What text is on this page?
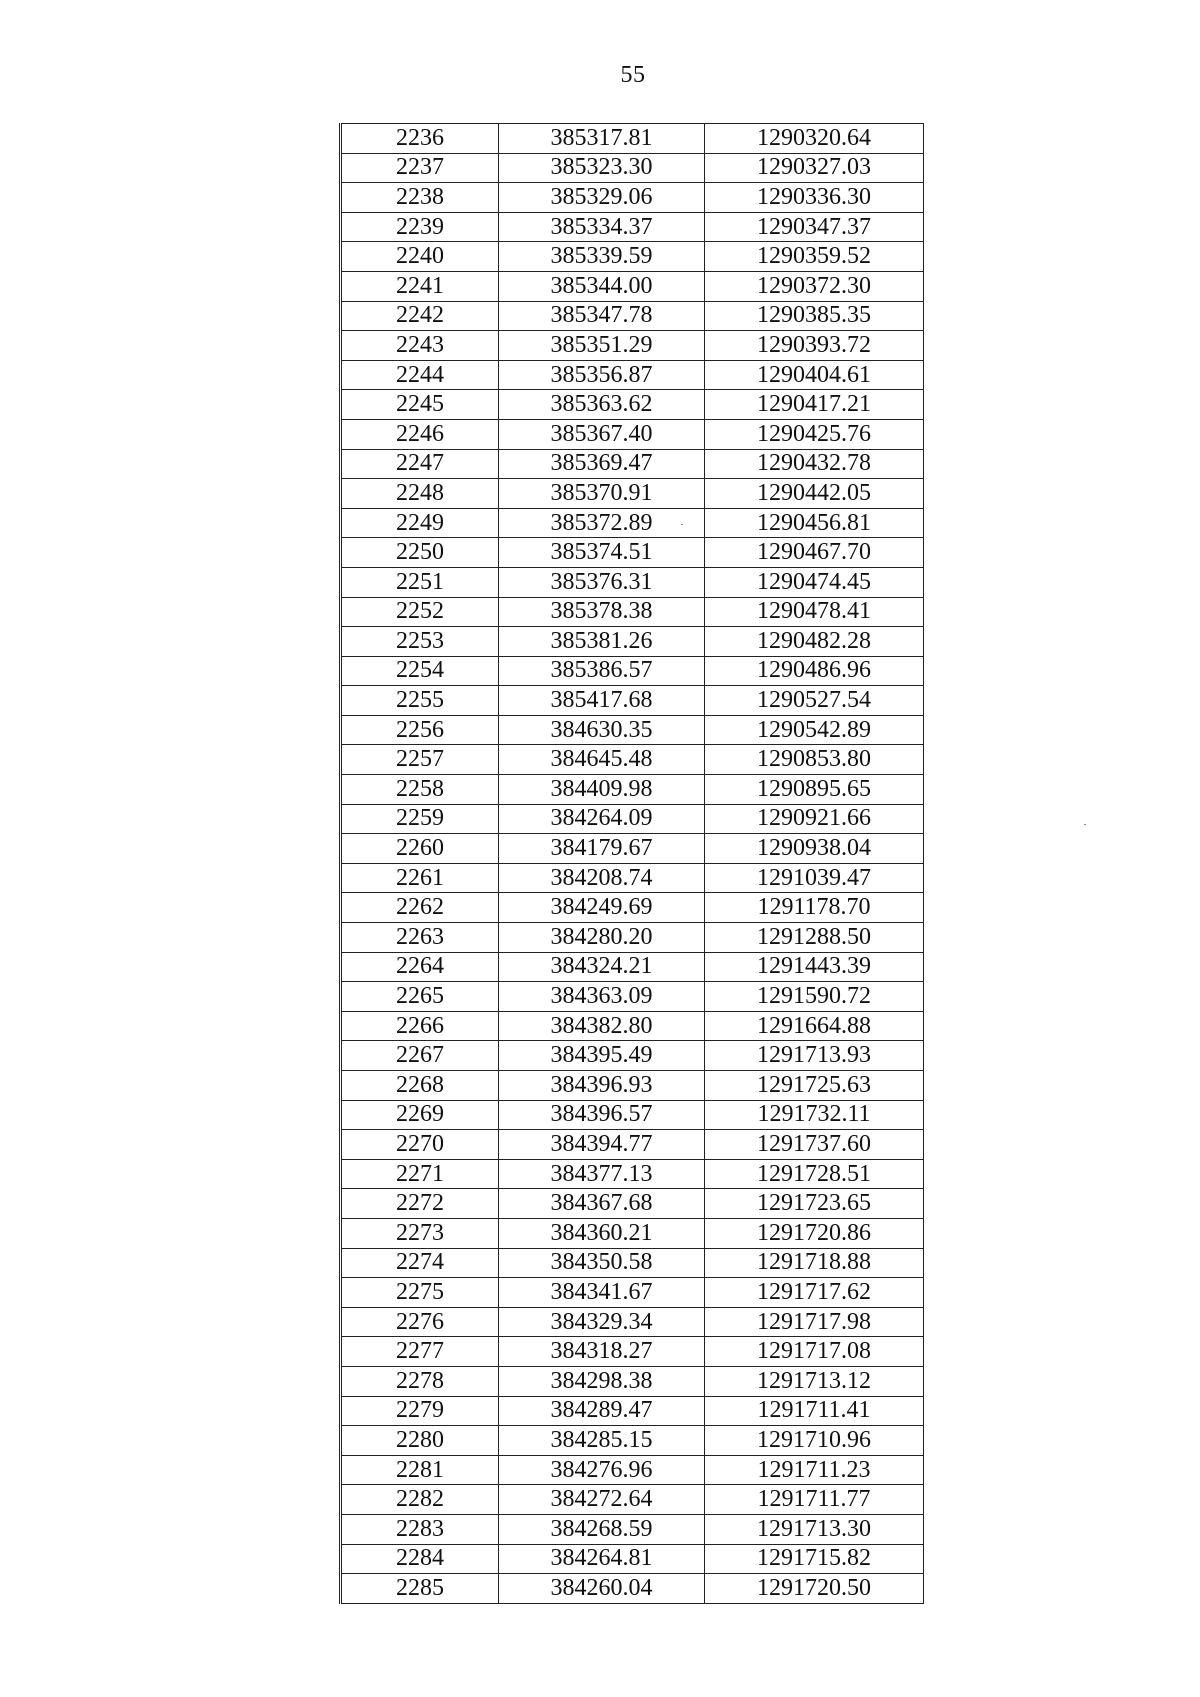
55
2236	385317.81	1290320.64
2237	385323.30	1290327.03
2238	385329.06	1290336.30
2239	385334.37	1290347.37
2240	385339.59	1290359.52
2241	385344.00	1290372.30
2242	385347.78	1290385.35
2243	385351.29	1290393.72
2244	385356.87	1290404.61
2245	385363.62	1290417.21
2246	385367.40	1290425.76
2247	385369.47	1290432.78
2248	385370.91	1290442.05
2249	385372.89	1290456.81
2250	385374.51	1290467.70
2251	385376.31	1290474.45
2252	385378.38	1290478.41
2253	385381.26	1290482.28
2254	385386.57	1290486.96
2255	385417.68	1290527.54
2256	384630.35	1290542.89
2257	384645.48	1290853.80
2258	384409.98	1290895.65
2259	384264.09	1290921.66
2260	384179.67	1290938.04
2261	384208.74	1291039.47
2262	384249.69	1291178.70
2263	384280.20	1291288.50
2264	384324.21	1291443.39
2265	384363.09	1291590.72
2266	384382.80	1291664.88
2267	384395.49	1291713.93
2268	384396.93	1291725.63
2269	384396.57	1291732.11
2270	384394.77	1291737.60
2271	384377.13	1291728.51
2272	384367.68	1291723.65
2273	384360.21	1291720.86
2274	384350.58	1291718.88
2275	384341.67	1291717.62
2276	384329.34	1291717.98
2277	384318.27	1291717.08
2278	384298.38	1291713.12
2279	384289.47	1291711.41
2280	384285.15	1291710.96
2281	384276.96	1291711.23
2282	384272.64	1291711.77
2283	384268.59	1291713.30
2284	384264.81	1291715.82
2285	384260.04	1291720.50
